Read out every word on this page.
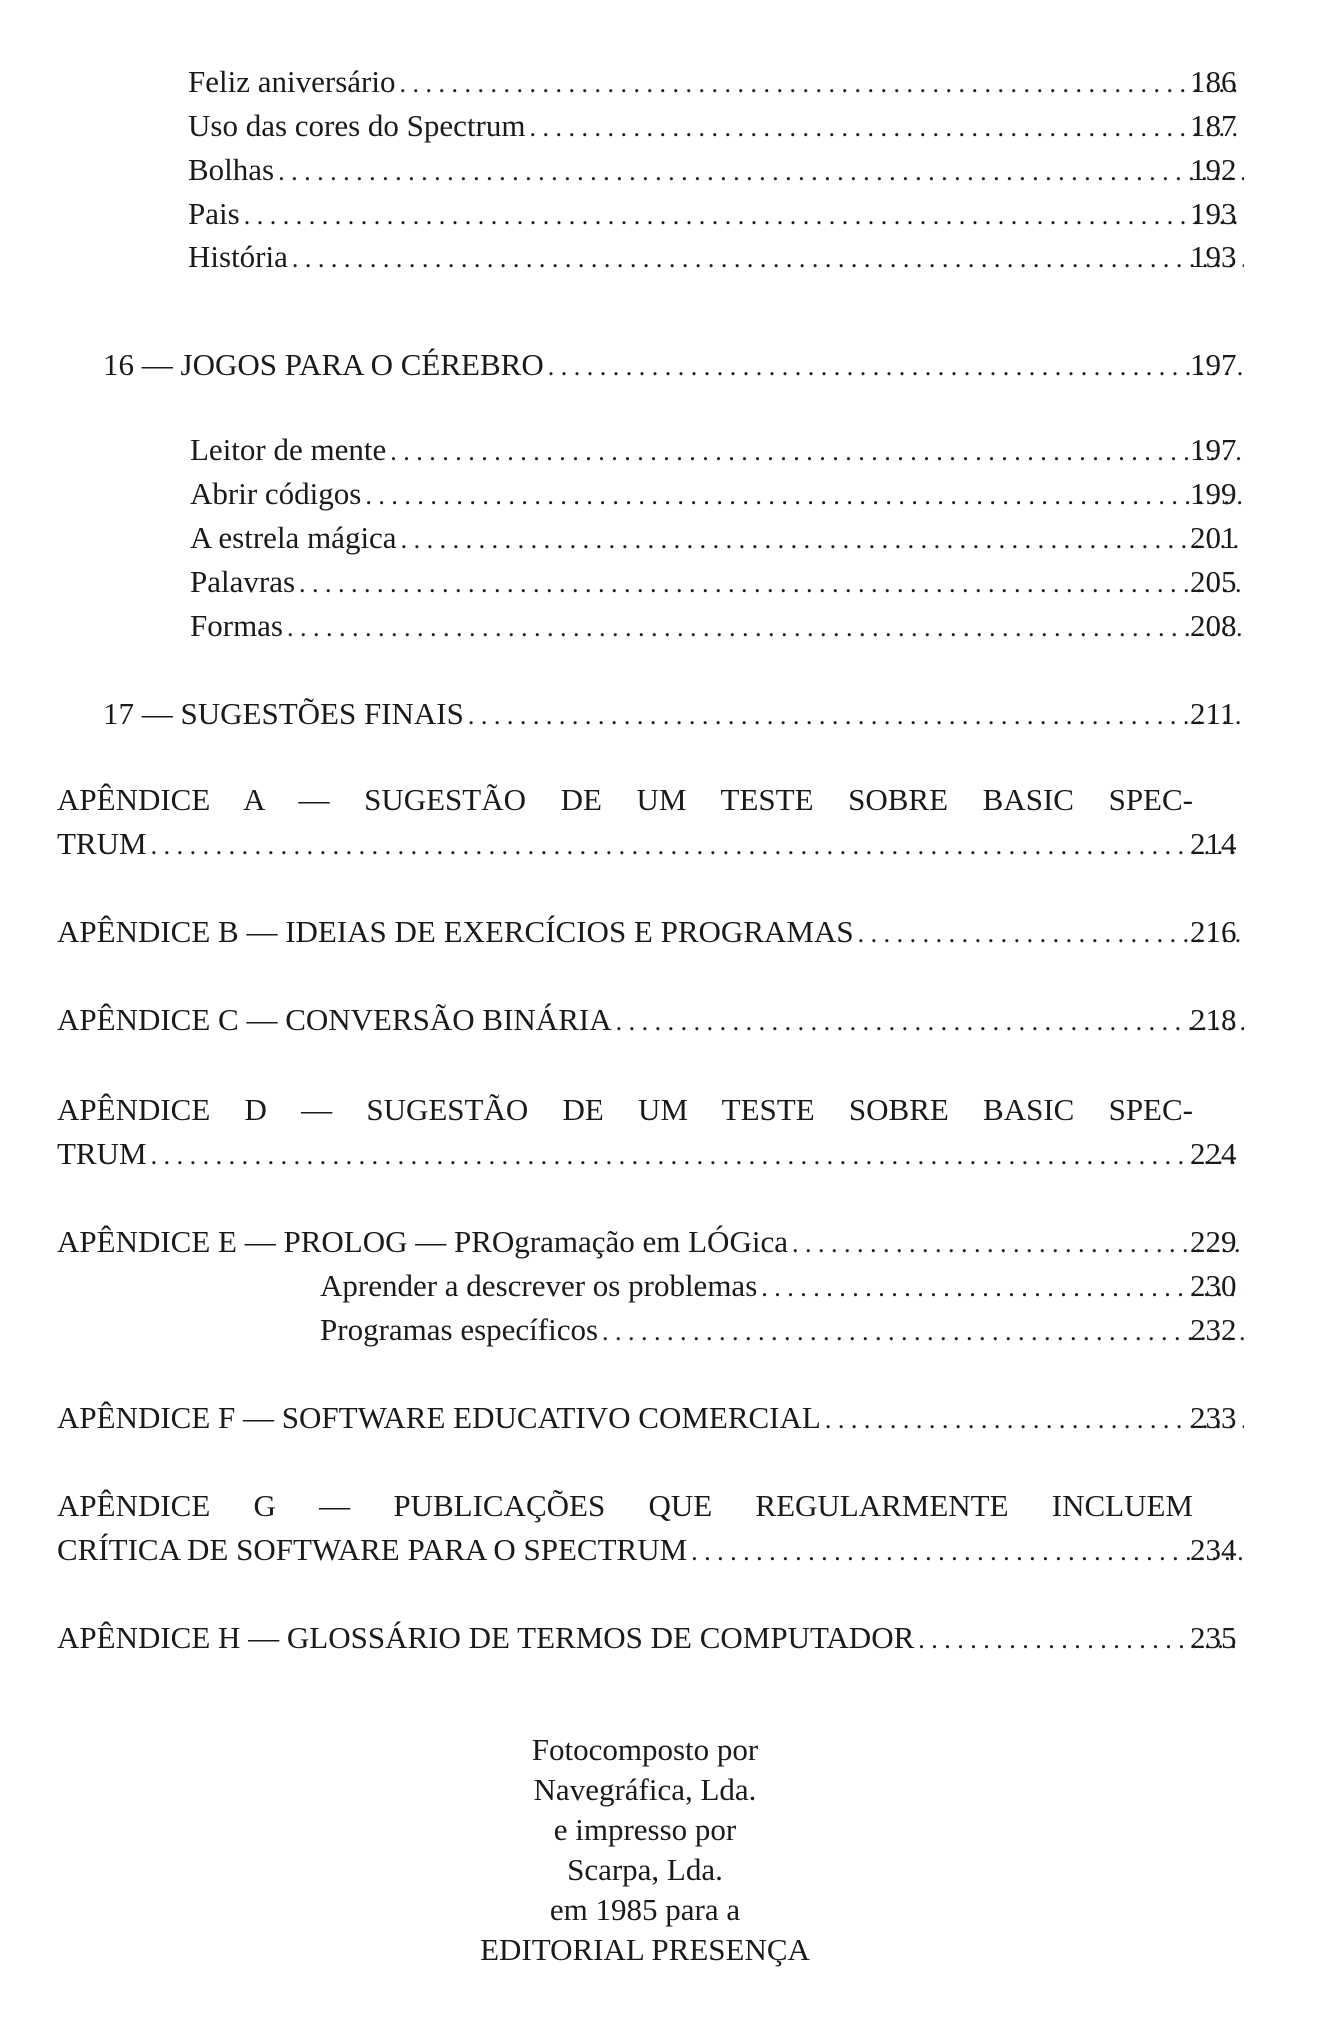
Feliz aniversário . . .	186
Uso das cores do Spectrum . . .	187
Bolhas . . .	192
Pais . . .	193
História . . .	193
16 — JOGOS PARA O CÉREBRO . . .	197
Leitor de mente . . .	197
Abrir códigos . . .	199
A estrela mágica . . .	201
Palavras . . .	205
Formas . . .	208
17 — SUGESTÕES FINAIS . . .	211
APÊNDICE A — SUGESTÃO DE UM TESTE SOBRE BASIC SPEC-
TRUM . . .	214
APÊNDICE B — IDEIAS DE EXERCÍCIOS E PROGRAMAS . . .	216
APÊNDICE C — CONVERSÃO BINÁRIA . . .	218
APÊNDICE D — SUGESTÃO DE UM TESTE SOBRE BASIC SPEC-
TRUM . . .	224
APÊNDICE E — PROLOG — PROgramação em LÓGica . . .	229
Aprender a descrever os problemas . . .	230
Programas específicos . . .	232
APÊNDICE F — SOFTWARE EDUCATIVO COMERCIAL . . .	233
APÊNDICE G — PUBLICAÇÕES QUE REGULARMENTE INCLUEM
CRÍTICA DE SOFTWARE PARA O SPECTRUM . . .	234
APÊNDICE H — GLOSSÁRIO DE TERMOS DE COMPUTADOR . . .	235
Fotocomposto por
Navegráfica, Lda.
e impresso por
Scarpa, Lda.
em 1985 para a
EDITORIAL PRESENÇA
